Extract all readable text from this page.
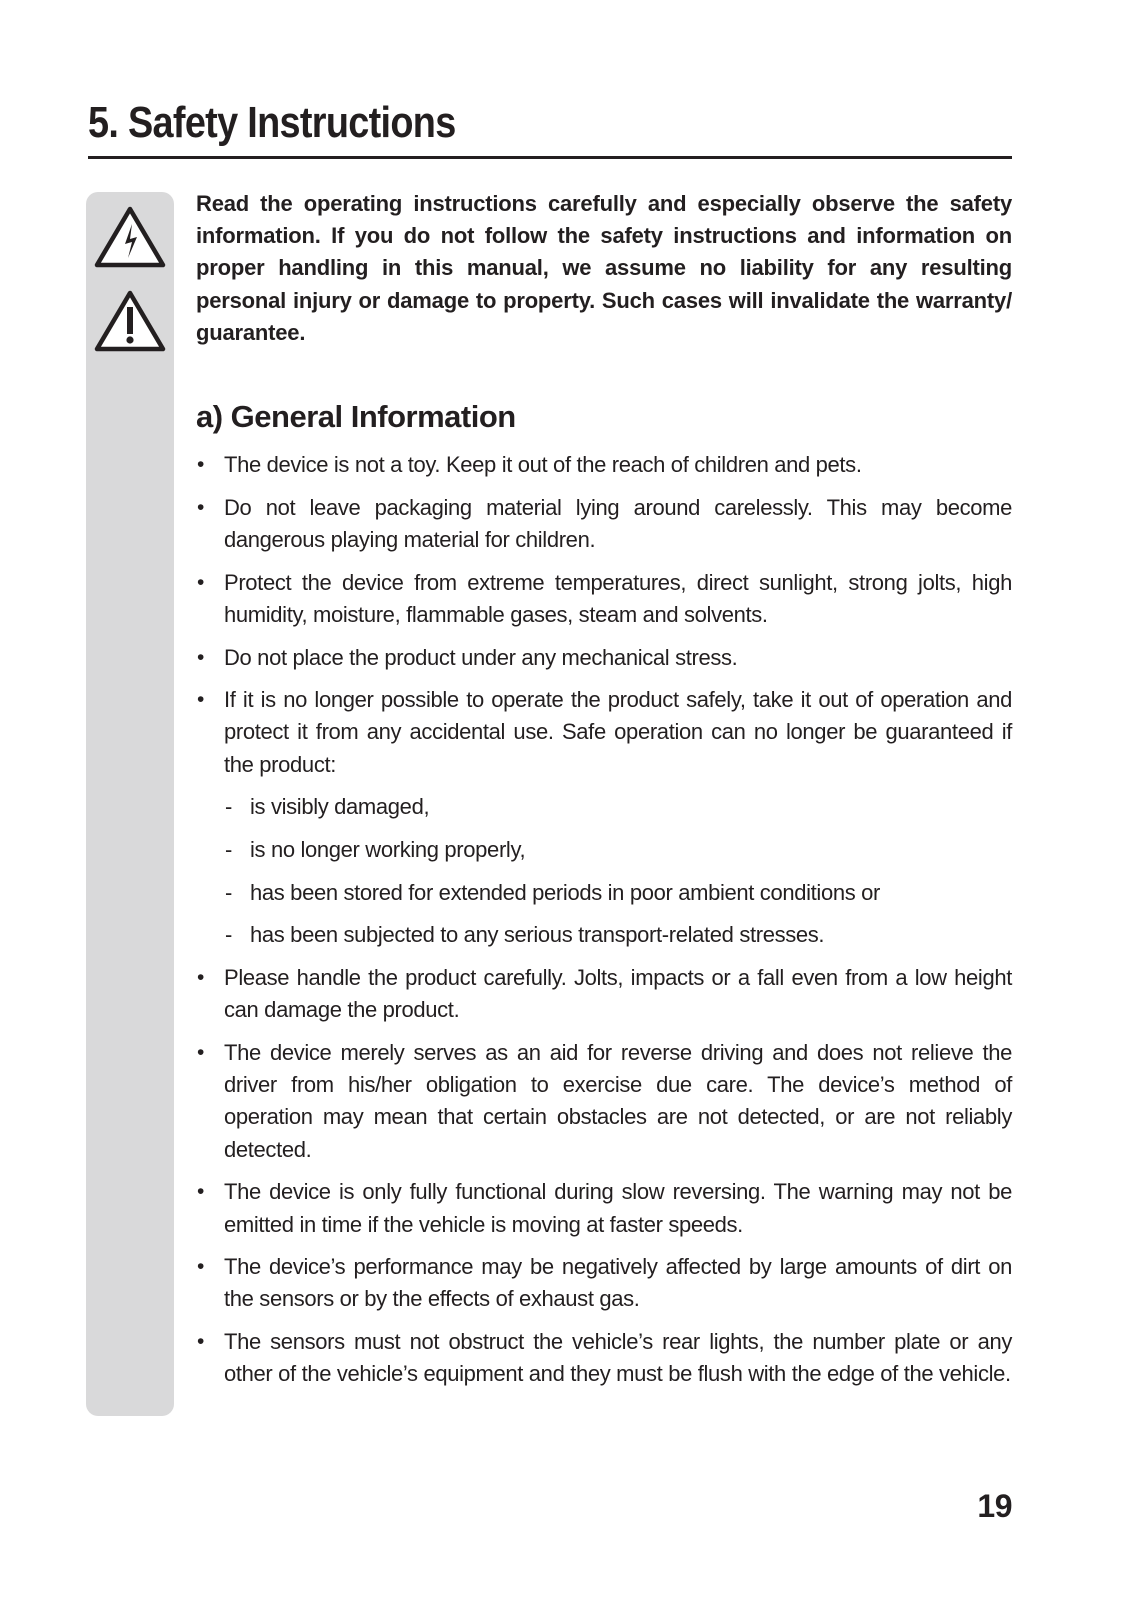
5. Safety Instructions

Read the operating instructions carefully and especially observe the safety information. If you do not follow the safety instructions and information on proper handling in this manual, we assume no liability for any resulting personal injury or damage to property. Such cases will invalidate the warranty/ guarantee.

a) General Information
• The device is not a toy. Keep it out of the reach of children and pets.
• Do not leave packaging material lying around carelessly. This may become dangerous playing material for children.
• Protect the device from extreme temperatures, direct sunlight, strong jolts, high humidity, moisture, flammable gases, steam and solvents.
• Do not place the product under any mechanical stress.
• If it is no longer possible to operate the product safely, take it out of operation and protect it from any accidental use. Safe operation can no longer be guaranteed if the product:
- is visibly damaged,
- is no longer working properly,
- has been stored for extended periods in poor ambient conditions or
- has been subjected to any serious transport-related stresses.
• Please handle the product carefully. Jolts, impacts or a fall even from a low height can damage the product.
• The device merely serves as an aid for reverse driving and does not relieve the driver from his/her obligation to exercise due care. The device’s method of operation may mean that certain obstacles are not detected, or are not reliably detected.
• The device is only fully functional during slow reversing. The warning may not be emitted in time if the vehicle is moving at faster speeds.
• The device’s performance may be negatively affected by large amounts of dirt on the sensors or by the effects of exhaust gas.
• The sensors must not obstruct the vehicle’s rear lights, the number plate or any other of the vehicle’s equipment and they must be flush with the edge of the vehicle.
19
